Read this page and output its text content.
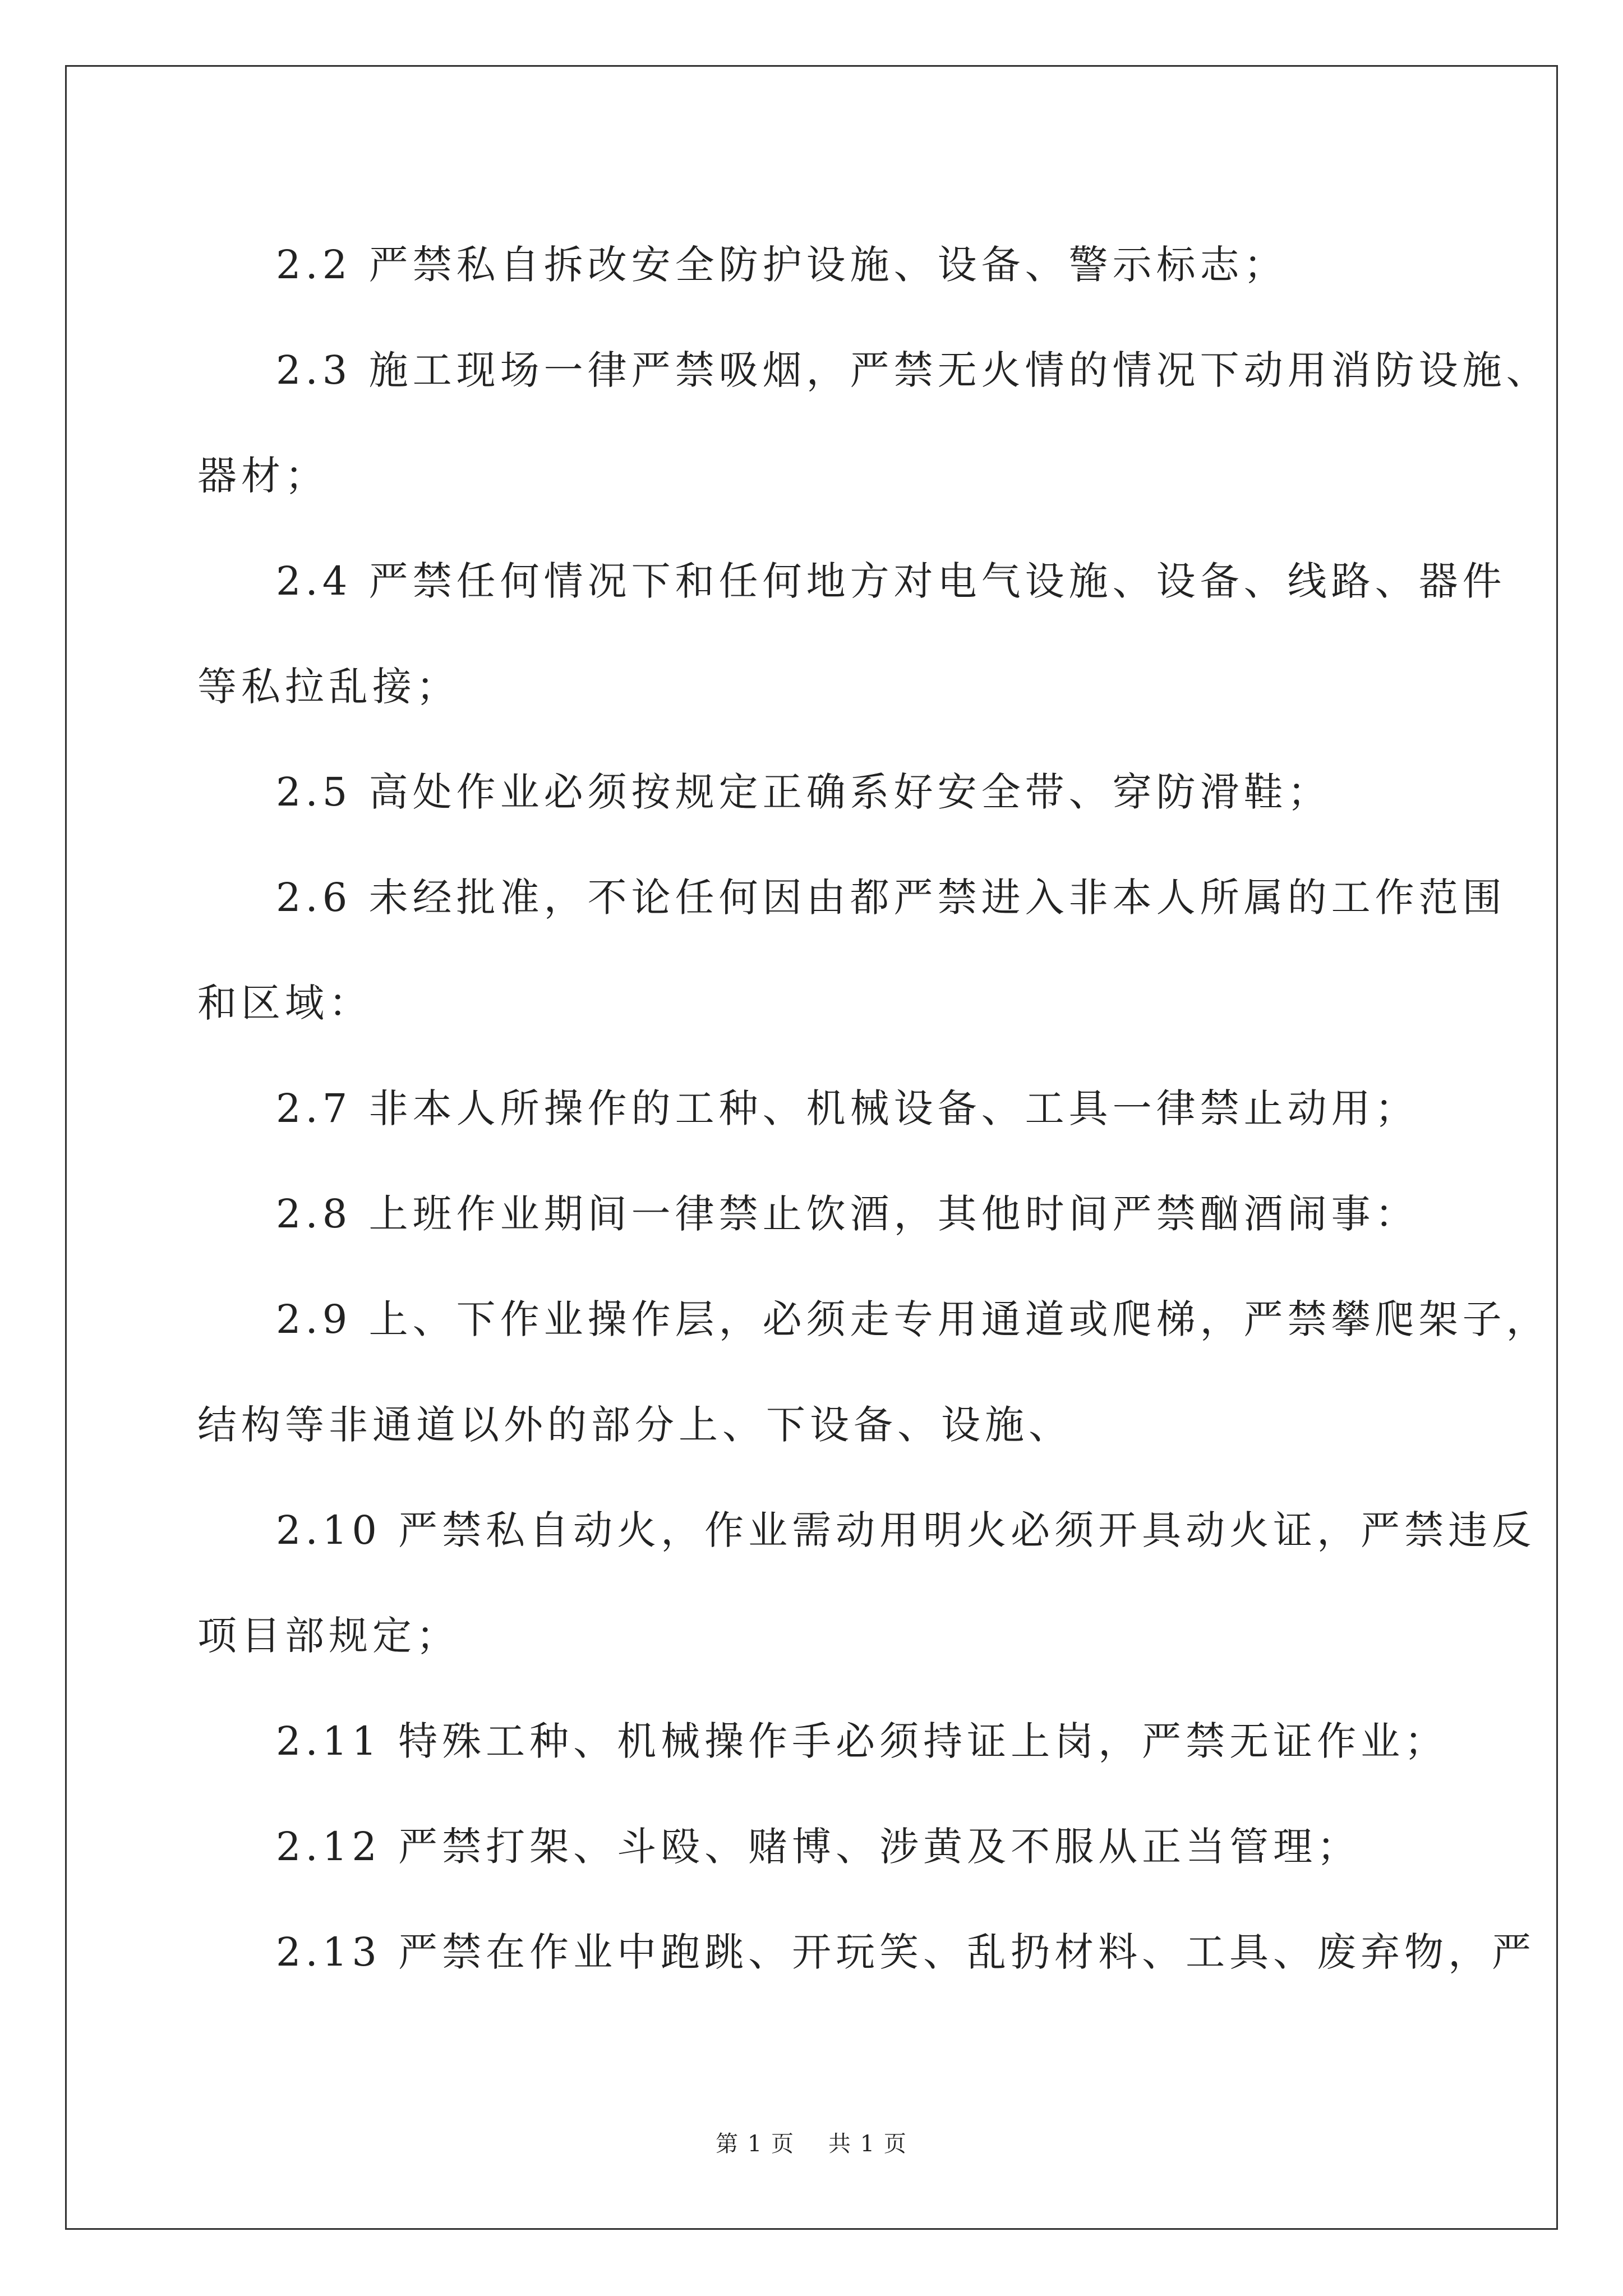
2.2 严禁私自拆改安全防护设施、设备、警示标志；
2.3 施工现场一律严禁吸烟，严禁无火情的情况下动用消防设施、
器材；
2.4 严禁任何情况下和任何地方对电气设施、设备、线路、器件
等私拉乱接；
2.5 高处作业必须按规定正确系好安全带、穿防滑鞋；
2.6 未经批准，不论任何因由都严禁进入非本人所属的工作范围
和区域：
2.7 非本人所操作的工种、机械设备、工具一律禁止动用；
2.8 上班作业期间一律禁止饮酒，其他时间严禁酗酒闹事：
2.9 上、下作业操作层，必须走专用通道或爬梯，严禁攀爬架子，
结构等非通道以外的部分上、下设备、设施、
2.10 严禁私自动火，作业需动用明火必须开具动火证，严禁违反
项目部规定；
2.11 特殊工种、机械操作手必须持证上岗，严禁无证作业；
2.12 严禁打架、斗殴、赌博、涉黄及不服从正当管理；
2.13 严禁在作业中跑跳、开玩笑、乱扔材料、工具、废弃物，严
第 1 页 共 1 页
